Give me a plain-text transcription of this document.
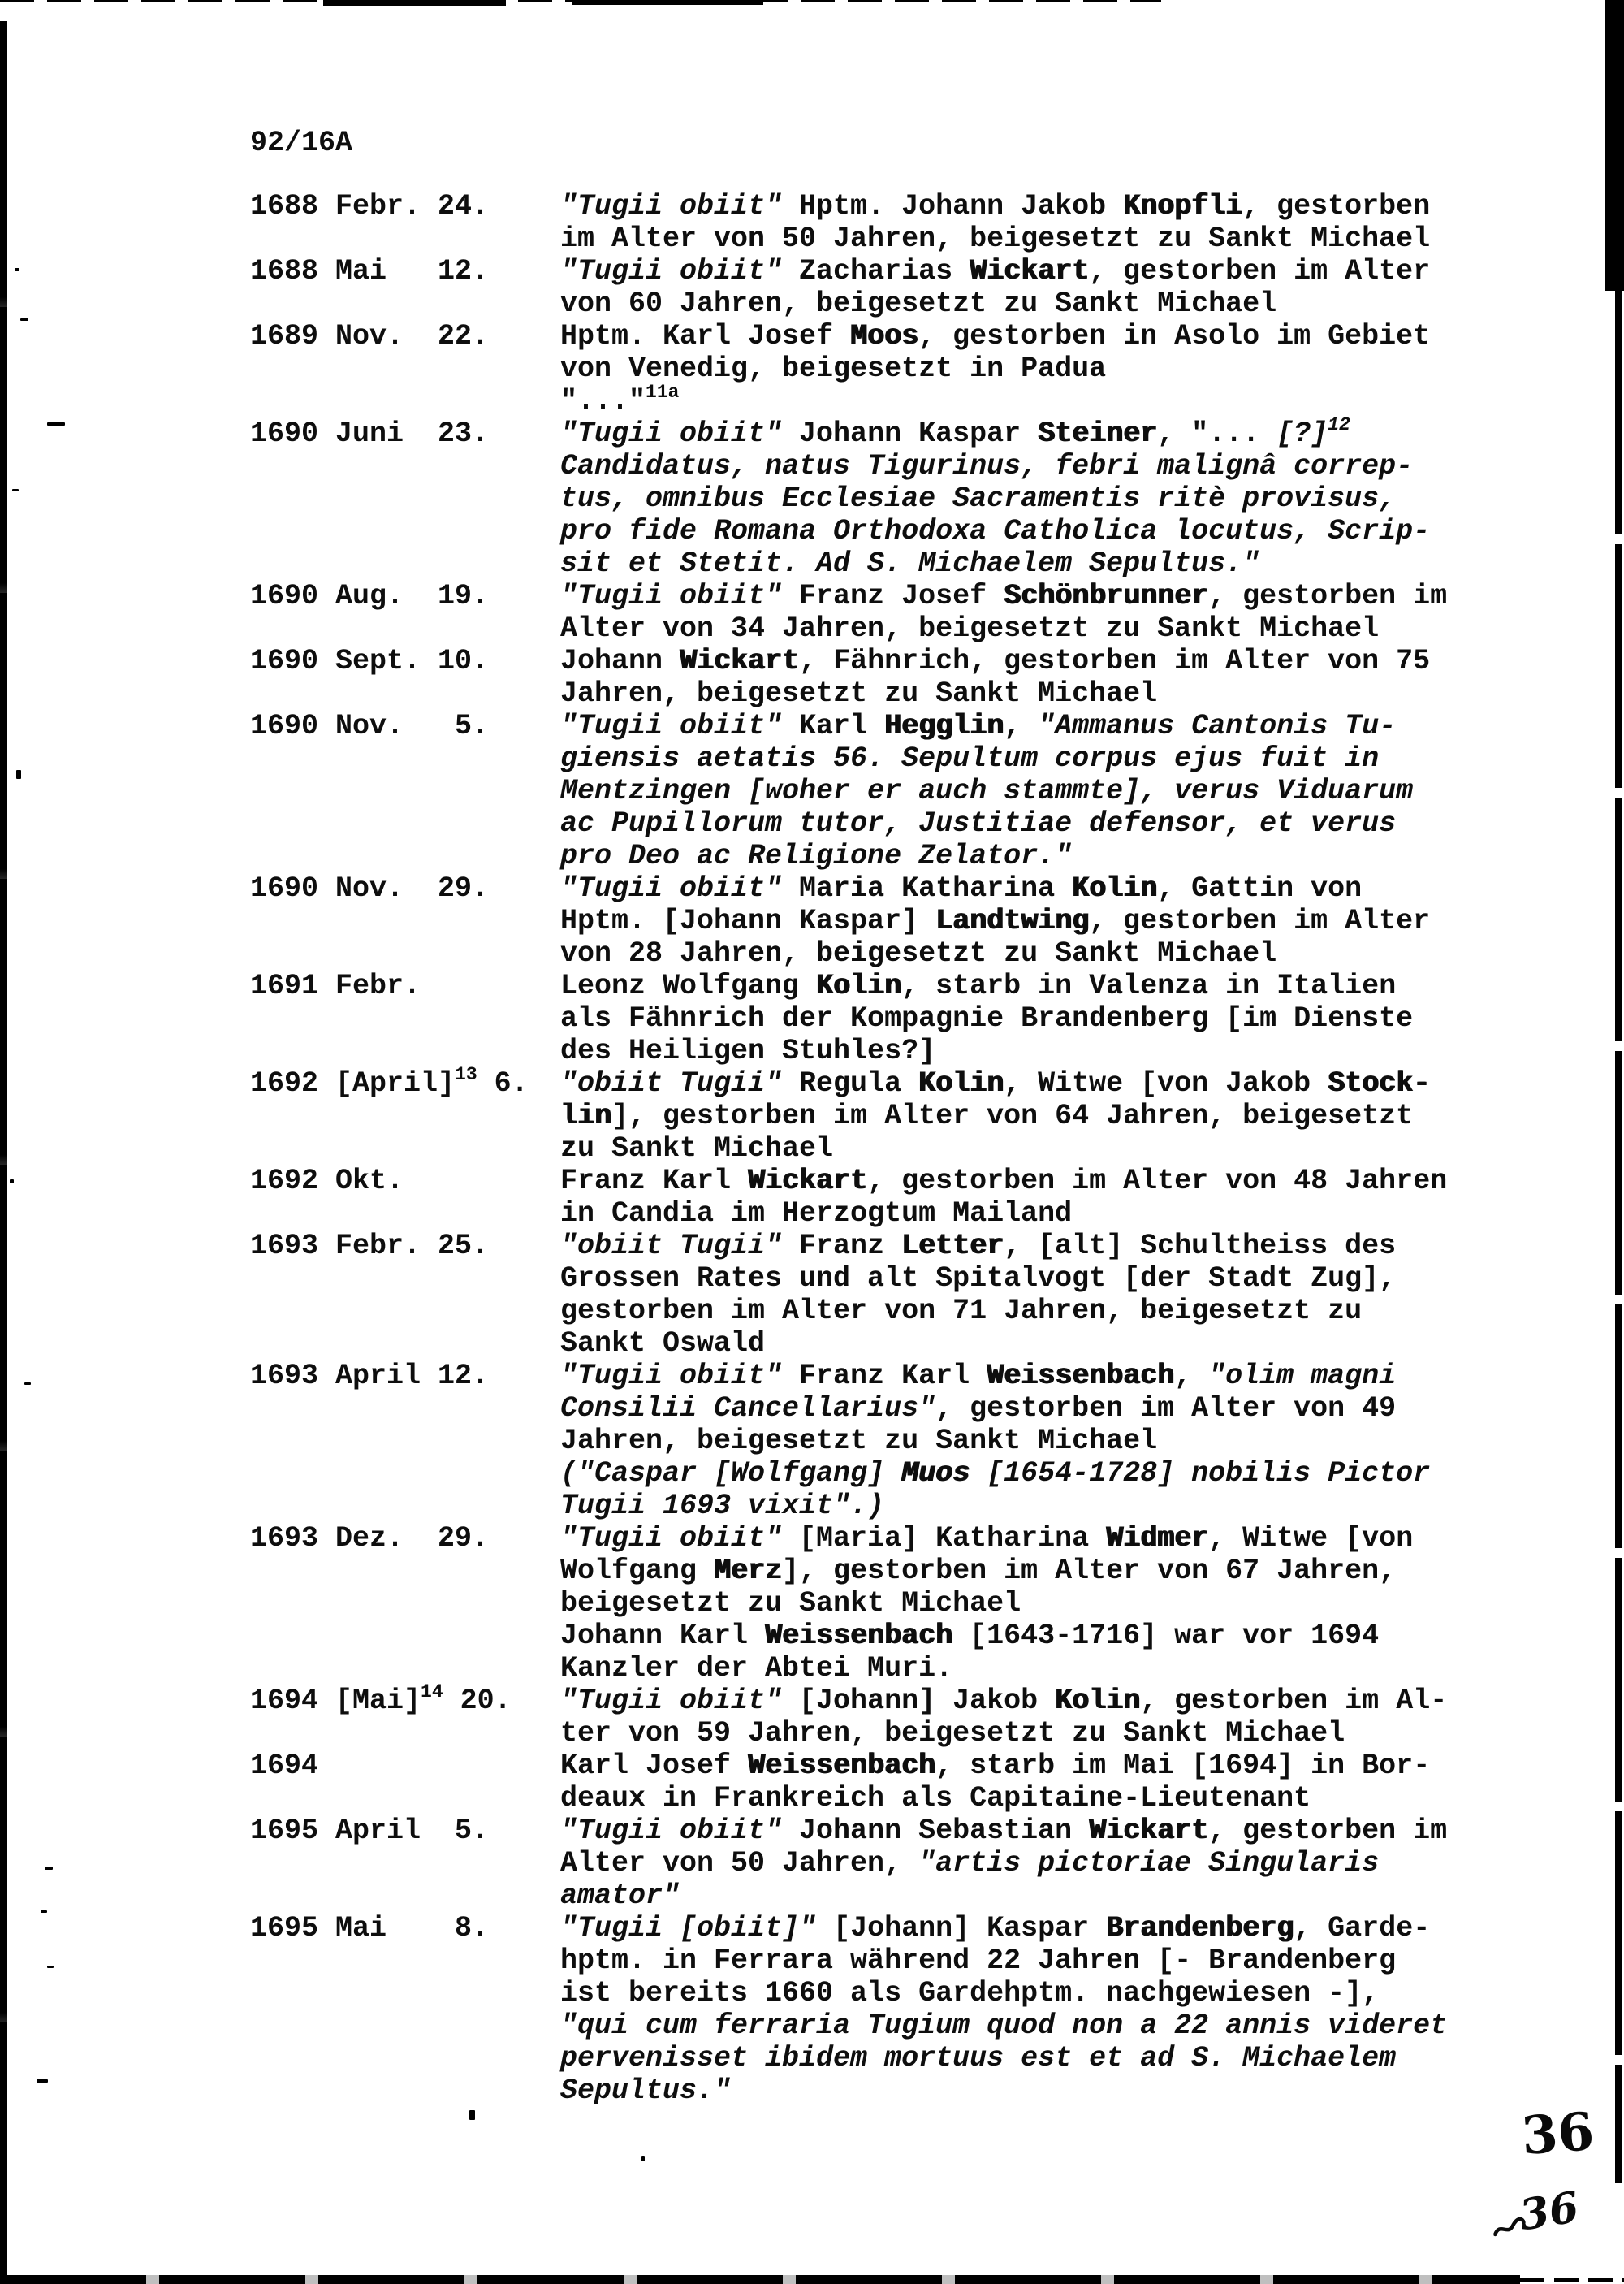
92/16A
1688 Febr. 24.	"Tugii obiit" Hptm. Johann Jakob Knopfli, gestorben
im Alter von 50 Jahren, beigesetzt zu Sankt Michael
1688 Mai   12.	"Tugii obiit" Zacharias Wickart, gestorben im Alter
von 60 Jahren, beigesetzt zu Sankt Michael
1689 Nov.  22.	Hptm. Karl Josef Moos, gestorben in Asolo im Gebiet
von Venedig, beigesetzt in Padua
"..."$^{11a}$
1690 Juni  23.	"Tugii obiit" Johann Kaspar Steiner, "... [?]$^{12}$
Candidatus, natus Tigurinus, febri malignâ correp-
tus, omnibus Ecclesiae Sacramentis ritè provisus,
pro fide Romana Orthodoxa Catholica locutus, Scrip-
sit et Stetit. Ad S. Michaelem Sepultus."
1690 Aug.  19.	"Tugii obiit" Franz Josef Schönbrunner, gestorben im
Alter von 34 Jahren, beigesetzt zu Sankt Michael
1690 Sept. 10.	Johann Wickart, Fähnrich, gestorben im Alter von 75
Jahren, beigesetzt zu Sankt Michael
1690 Nov.   5.	"Tugii obiit" Karl Hegglin, "Ammanus Cantonis Tu-
giensis aetatis 56. Sepultum corpus ejus fuit in
Mentzingen [woher er auch stammte], verus Viduarum
ac Pupillorum tutor, Justitiae defensor, et verus
pro Deo ac Religione Zelator."
1690 Nov.  29.	"Tugii obiit" Maria Katharina Kolin, Gattin von
Hptm. [Johann Kaspar] Landtwing, gestorben im Alter
von 28 Jahren, beigesetzt zu Sankt Michael
1691 Febr.	Leonz Wolfgang Kolin, starb in Valenza in Italien
als Fähnrich der Kompagnie Brandenberg [im Dienste
des Heiligen Stuhles?]
1692 [April]$^{13}$ 6.	"obiit Tugii" Regula Kolin, Witwe [von Jakob Stock-
lin], gestorben im Alter von 64 Jahren, beigesetzt
zu Sankt Michael
1692 Okt.	Franz Karl Wickart, gestorben im Alter von 48 Jahren
in Candia im Herzogtum Mailand
1693 Febr. 25.	"obiit Tugii" Franz Letter, [alt] Schultheiss des
Grossen Rates und alt Spitalvogt [der Stadt Zug],
gestorben im Alter von 71 Jahren, beigesetzt zu
Sankt Oswald
1693 April 12.	"Tugii obiit" Franz Karl Weissenbach, "olim magni
Consilii Cancellarius", gestorben im Alter von 49
Jahren, beigesetzt zu Sankt Michael
("Caspar [Wolfgang] Muos [1654-1728] nobilis Pictor
Tugii 1693 vixit".)
1693 Dez.  29.	"Tugii obiit" [Maria] Katharina Widmer, Witwe [von
Wolfgang Merz], gestorben im Alter von 67 Jahren,
beigesetzt zu Sankt Michael
Johann Karl Weissenbach [1643-1716] war vor 1694
Kanzler der Abtei Muri.
1694 [Mai]$^{14}$ 20.	"Tugii obiit" [Johann] Jakob Kolin, gestorben im Al-
ter von 59 Jahren, beigesetzt zu Sankt Michael
1694	Karl Josef Weissenbach, starb im Mai [1694] in Bor-
deaux in Frankreich als Capitaine-Lieutenant
1695 April  5.	"Tugii obiit" Johann Sebastian Wickart, gestorben im
Alter von 50 Jahren, "artis pictoriae Singularis
amator"
1695 Mai    8.	"Tugii [obiit]" [Johann] Kaspar Brandenberg, Garde-
hptm. in Ferrara während 22 Jahren [- Brandenberg
ist bereits 1660 als Gardehptm. nachgewiesen -],
"qui cum ferraria Tugium quod non a 22 annis videret
pervenisset ibidem mortuus est et ad S. Michaelem
Sepultus."
36
36
